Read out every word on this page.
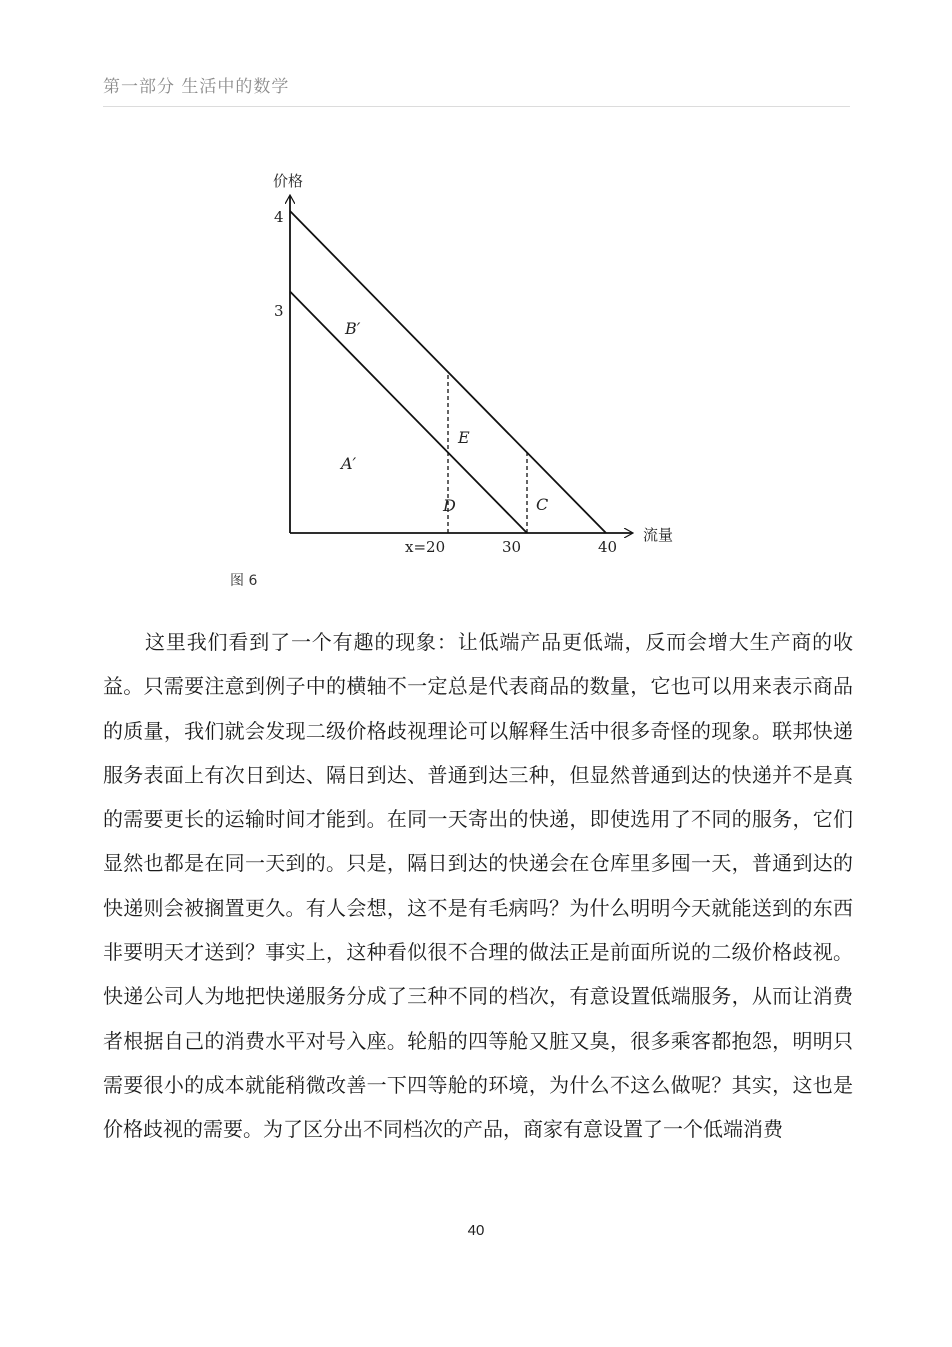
第一部分 生活中的数学
价格
流量
4
3
x=20	30	40
B′
A′
E
D	C
图 6

这里我们看到了一个有趣的现象：让低端产品更低端，反而会增大生产商的收益。只需要注意到例子中的横轴不一定总是代表商品的数量，它也可以用来表示商品的质量，我们就会发现二级价格歧视理论可以解释生活中很多奇怪的现象。联邦快递服务表面上有次日到达、隔日到达、普通到达三种，但显然普通到达的快递并不是真的需要更长的运输时间才能到。在同一天寄出的快递，即使选用了不同的服务，它们显然也都是在同一天到的。只是，隔日到达的快递会在仓库里多囤一天，普通到达的快递则会被搁置更久。有人会想，这不是有毛病吗？为什么明明今天就能送到的东西非要明天才送到？事实上，这种看似很不合理的做法正是前面所说的二级价格歧视。快递公司人为地把快递服务分成了三种不同的档次，有意设置低端服务，从而让消费者根据自己的消费水平对号入座。轮船的四等舱又脏又臭，很多乘客都抱怨，明明只需要很小的成本就能稍微改善一下四等舱的环境，为什么不这么做呢？其实，这也是价格歧视的需要。为了区分出不同档次的产品，商家有意设置了一个低端消费

40
